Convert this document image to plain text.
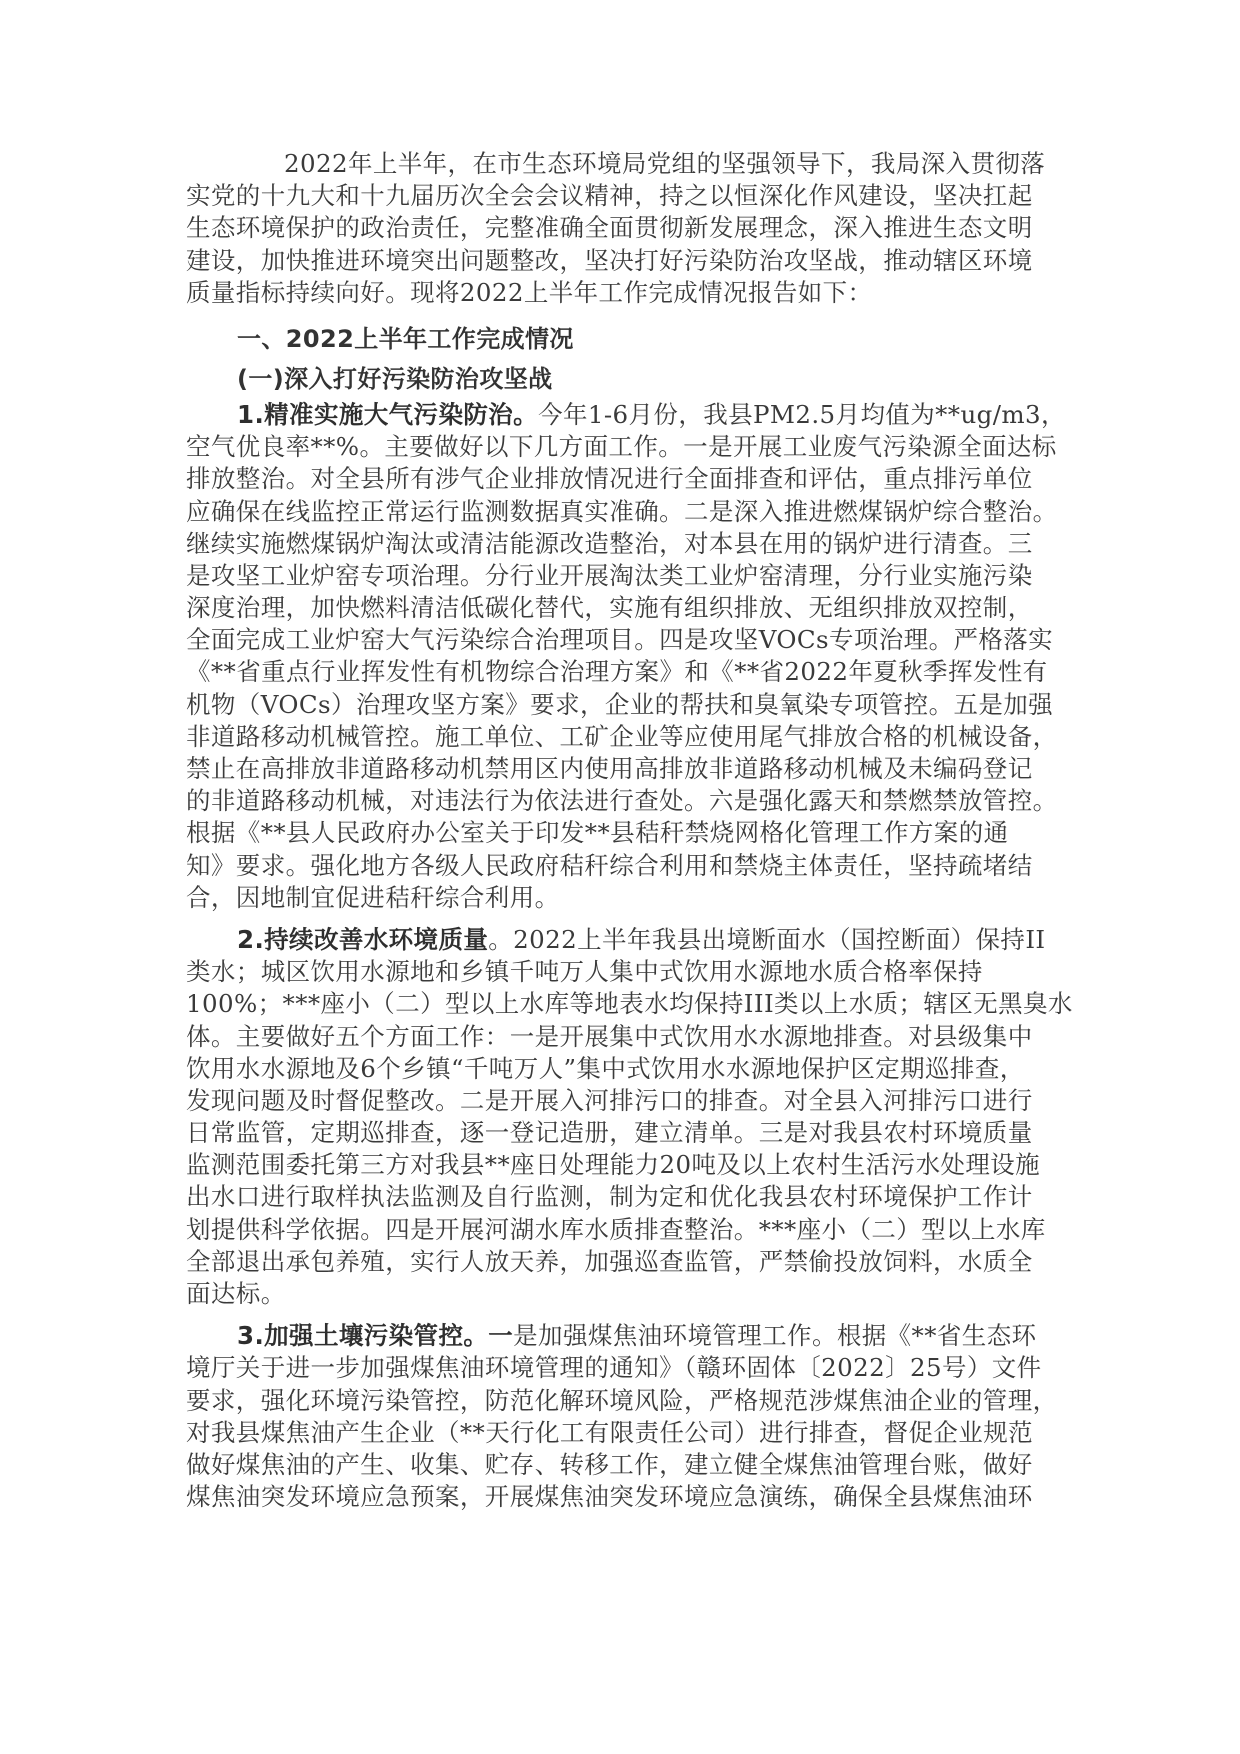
2022年上半年，在市生态环境局党组的坚强领导下，我局深入贯彻落
实党的十九大和十九届历次全会会议精神，持之以恒深化作风建设，坚决扛起
生态环境保护的政治责任，完整准确全面贯彻新发展理念，深入推进生态文明
建设，加快推进环境突出问题整改，坚决打好污染防治攻坚战，推动辖区环境
质量指标持续向好。现将2022上半年工作完成情况报告如下：
一、2022上半年工作完成情况
(一)深入打好污染防治攻坚战
1.精准实施大气污染防治。今年1-6月份，我县PM2.5月均值为**ug/m3，
空气优良率**%。主要做好以下几方面工作。一是开展工业废气污染源全面达标
排放整治。对全县所有涉气企业排放情况进行全面排查和评估，重点排污单位
应确保在线监控正常运行监测数据真实准确。二是深入推进燃煤锅炉综合整治。
继续实施燃煤锅炉淘汰或清洁能源改造整治，对本县在用的锅炉进行清查。三
是攻坚工业炉窑专项治理。分行业开展淘汰类工业炉窑清理，分行业实施污染
深度治理，加快燃料清洁低碳化替代，实施有组织排放、无组织排放双控制，
全面完成工业炉窑大气污染综合治理项目。四是攻坚VOCs专项治理。严格落实
《**省重点行业挥发性有机物综合治理方案》和《**省2022年夏秋季挥发性有
机物（VOCs）治理攻坚方案》要求，企业的帮扶和臭氧染专项管控。五是加强
非道路移动机械管控。施工单位、工矿企业等应使用尾气排放合格的机械设备，
禁止在高排放非道路移动机禁用区内使用高排放非道路移动机械及未编码登记
的非道路移动机械，对违法行为依法进行查处。六是强化露天和禁燃禁放管控。
根据《**县人民政府办公室关于印发**县秸秆禁烧网格化管理工作方案的通
知》要求。强化地方各级人民政府秸秆综合利用和禁烧主体责任，坚持疏堵结
合，因地制宜促进秸秆综合利用。
2.持续改善水环境质量。2022上半年我县出境断面水（国控断面）保持II
类水；城区饮用水源地和乡镇千吨万人集中式饮用水源地水质合格率保持
100%；***座小（二）型以上水库等地表水均保持III类以上水质；辖区无黑臭水
体。主要做好五个方面工作：一是开展集中式饮用水水源地排查。对县级集中
饮用水水源地及6个乡镇“千吨万人”集中式饮用水水源地保护区定期巡排查，
发现问题及时督促整改。二是开展入河排污口的排查。对全县入河排污口进行
日常监管，定期巡排查，逐一登记造册，建立清单。三是对我县农村环境质量
监测范围委托第三方对我县**座日处理能力20吨及以上农村生活污水处理设施
出水口进行取样执法监测及自行监测，制为定和优化我县农村环境保护工作计
划提供科学依据。四是开展河湖水库水质排查整治。***座小（二）型以上水库
全部退出承包养殖，实行人放天养，加强巡查监管，严禁偷投放饲料，水质全
面达标。
3.加强土壤污染管控。一是加强煤焦油环境管理工作。根据《**省生态环
境厅关于进一步加强煤焦油环境管理的通知》（赣环固体〔2022〕25号）文件
要求，强化环境污染管控，防范化解环境风险，严格规范涉煤焦油企业的管理，
对我县煤焦油产生企业（**天行化工有限责任公司）进行排查，督促企业规范
做好煤焦油的产生、收集、贮存、转移工作，建立健全煤焦油管理台账，做好
煤焦油突发环境应急预案，开展煤焦油突发环境应急演练，确保全县煤焦油环
